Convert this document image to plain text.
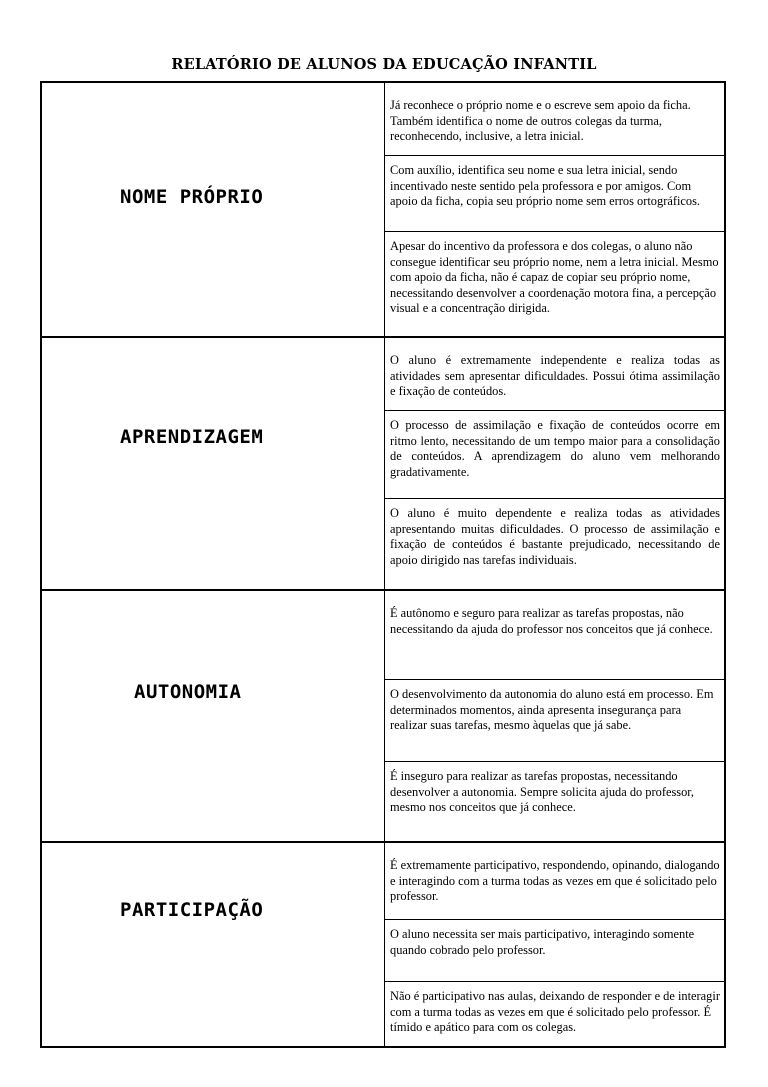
RELATÓRIO DE ALUNOS DA EDUCAÇÃO INFANTIL
NOME PRÓPRIO
Já reconhece o próprio nome e o escreve sem apoio da ficha. Também identifica o nome de outros colegas da turma, reconhecendo, inclusive, a letra inicial.
Com auxílio, identifica seu nome e sua letra inicial, sendo incentivado neste sentido pela professora e por amigos. Com apoio da ficha, copia seu próprio nome sem erros ortográficos.
Apesar do incentivo da professora e dos colegas, o aluno não consegue identificar seu próprio nome, nem a letra inicial. Mesmo com apoio da ficha, não é capaz de copiar seu próprio nome, necessitando desenvolver a coordenação motora fina, a percepção visual e a concentração dirigida.
APRENDIZAGEM
O aluno é extremamente independente e realiza todas as atividades sem apresentar dificuldades. Possui ótima assimilação e fixação de conteúdos.
O processo de assimilação e fixação de conteúdos ocorre em ritmo lento, necessitando de um tempo maior para a consolidação de conteúdos. A aprendizagem do aluno vem melhorando gradativamente.
O aluno é muito dependente e realiza todas as atividades apresentando muitas dificuldades. O processo de assimilação e fixação de conteúdos é bastante prejudicado, necessitando de apoio dirigido nas tarefas individuais.
AUTONOMIA
É autônomo e seguro para realizar as tarefas propostas, não necessitando da ajuda do professor nos conceitos que já conhece.
O desenvolvimento da autonomia do aluno está em processo. Em determinados momentos, ainda apresenta insegurança para realizar suas tarefas, mesmo àquelas que já sabe.
É inseguro para realizar as tarefas propostas, necessitando desenvolver a autonomia. Sempre solicita ajuda do professor, mesmo nos conceitos que já conhece.
PARTICIPAÇÃO
É extremamente participativo, respondendo, opinando, dialogando e interagindo com a turma todas as vezes em que é solicitado pelo professor.
O aluno necessita ser mais participativo, interagindo somente quando cobrado pelo professor.
Não é participativo nas aulas, deixando de responder e de interagir com a turma todas as vezes em que é solicitado pelo professor. É tímido e apático para com os colegas.
